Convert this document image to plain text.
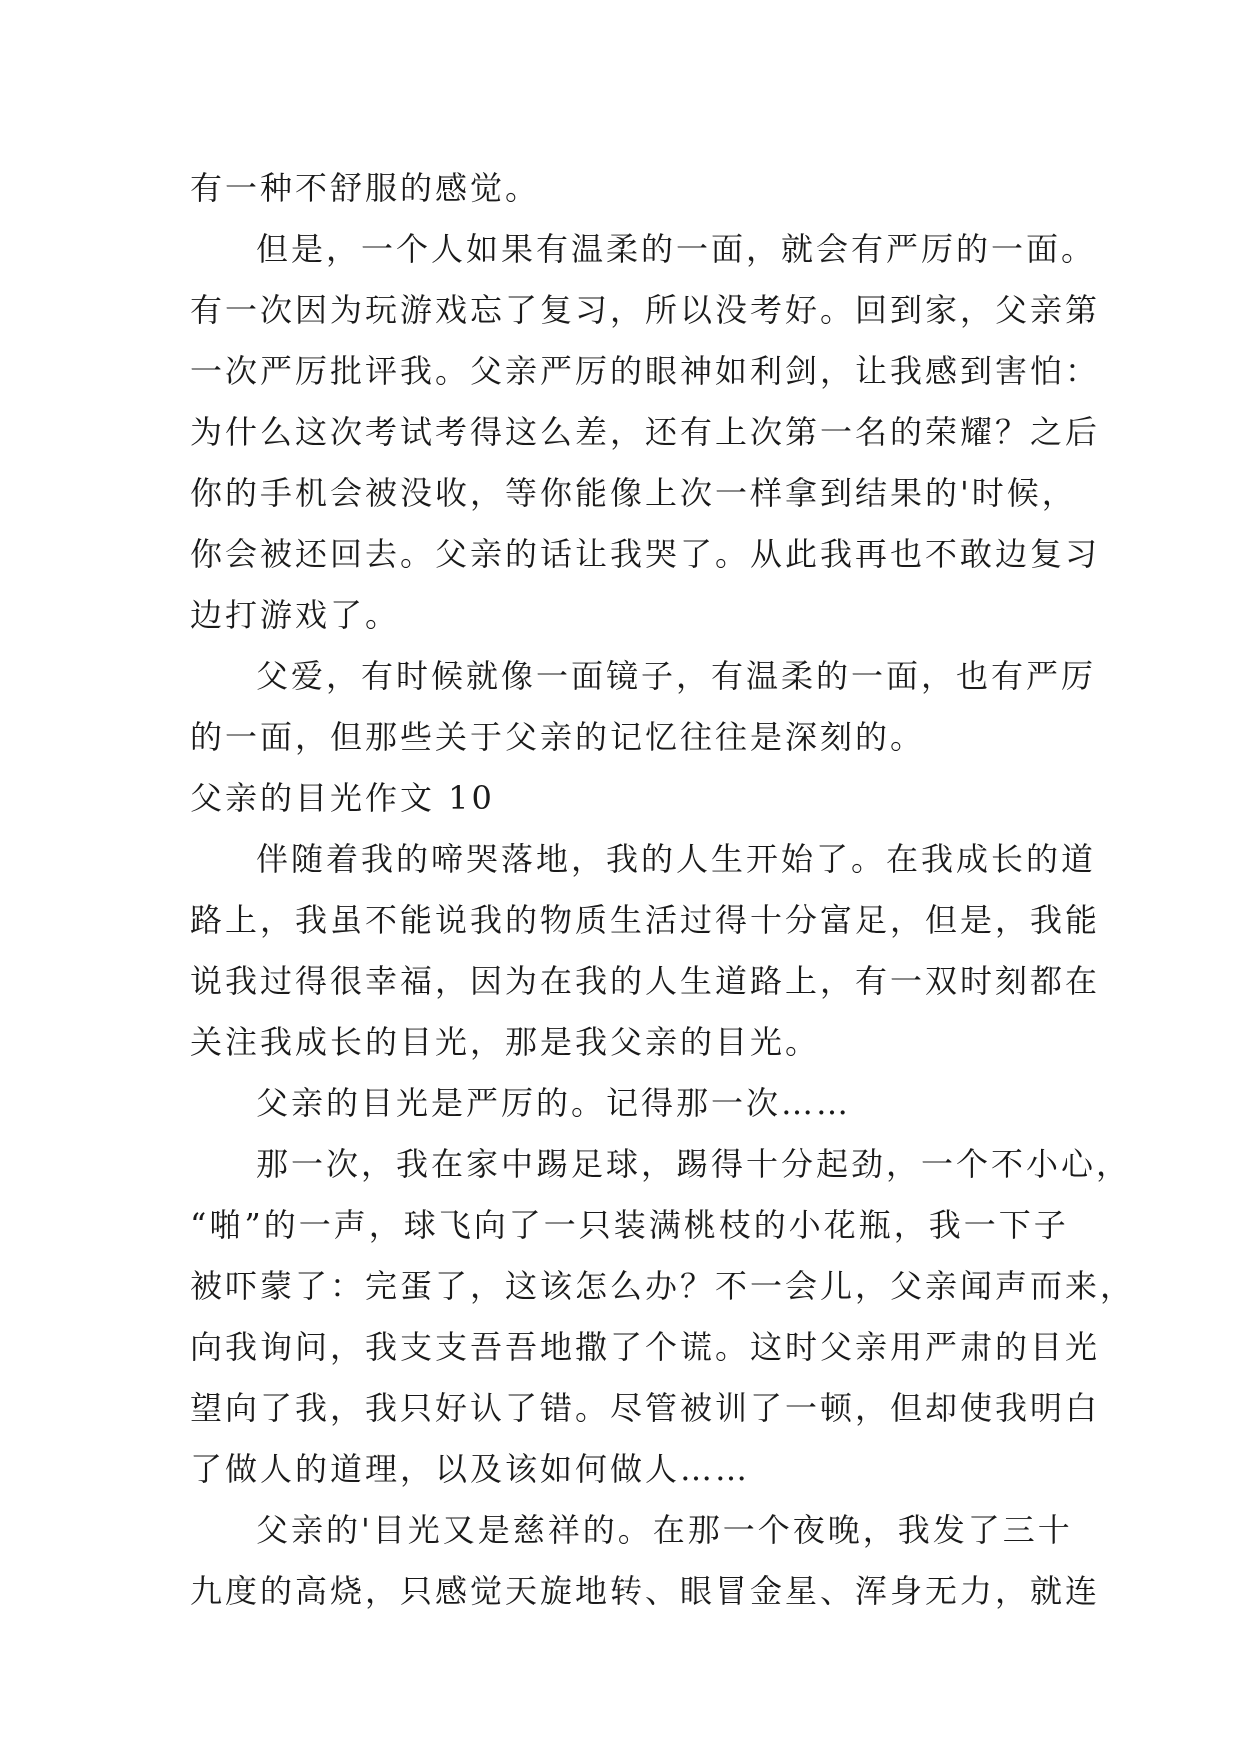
有一种不舒服的感觉。
但是，一个人如果有温柔的一面，就会有严厉的一面。
有一次因为玩游戏忘了复习，所以没考好。回到家，父亲第
一次严厉批评我。父亲严厉的眼神如利剑，让我感到害怕：
为什么这次考试考得这么差，还有上次第一名的荣耀？之后
你的手机会被没收，等你能像上次一样拿到结果的'时候，
你会被还回去。父亲的话让我哭了。从此我再也不敢边复习
边打游戏了。
父爱，有时候就像一面镜子，有温柔的一面，也有严厉
的一面，但那些关于父亲的记忆往往是深刻的。
父亲的目光作文 10
伴随着我的啼哭落地，我的人生开始了。在我成长的道
路上，我虽不能说我的物质生活过得十分富足，但是，我能
说我过得很幸福，因为在我的人生道路上，有一双时刻都在
关注我成长的目光，那是我父亲的目光。
父亲的目光是严厉的。记得那一次……
那一次，我在家中踢足球，踢得十分起劲，一个不小心，
“啪”的一声，球飞向了一只装满桃枝的小花瓶，我一下子
被吓蒙了：完蛋了，这该怎么办？不一会儿，父亲闻声而来，
向我询问，我支支吾吾地撒了个谎。这时父亲用严肃的目光
望向了我，我只好认了错。尽管被训了一顿，但却使我明白
了做人的道理，以及该如何做人……
父亲的'目光又是慈祥的。在那一个夜晚，我发了三十
九度的高烧，只感觉天旋地转、眼冒金星、浑身无力，就连
